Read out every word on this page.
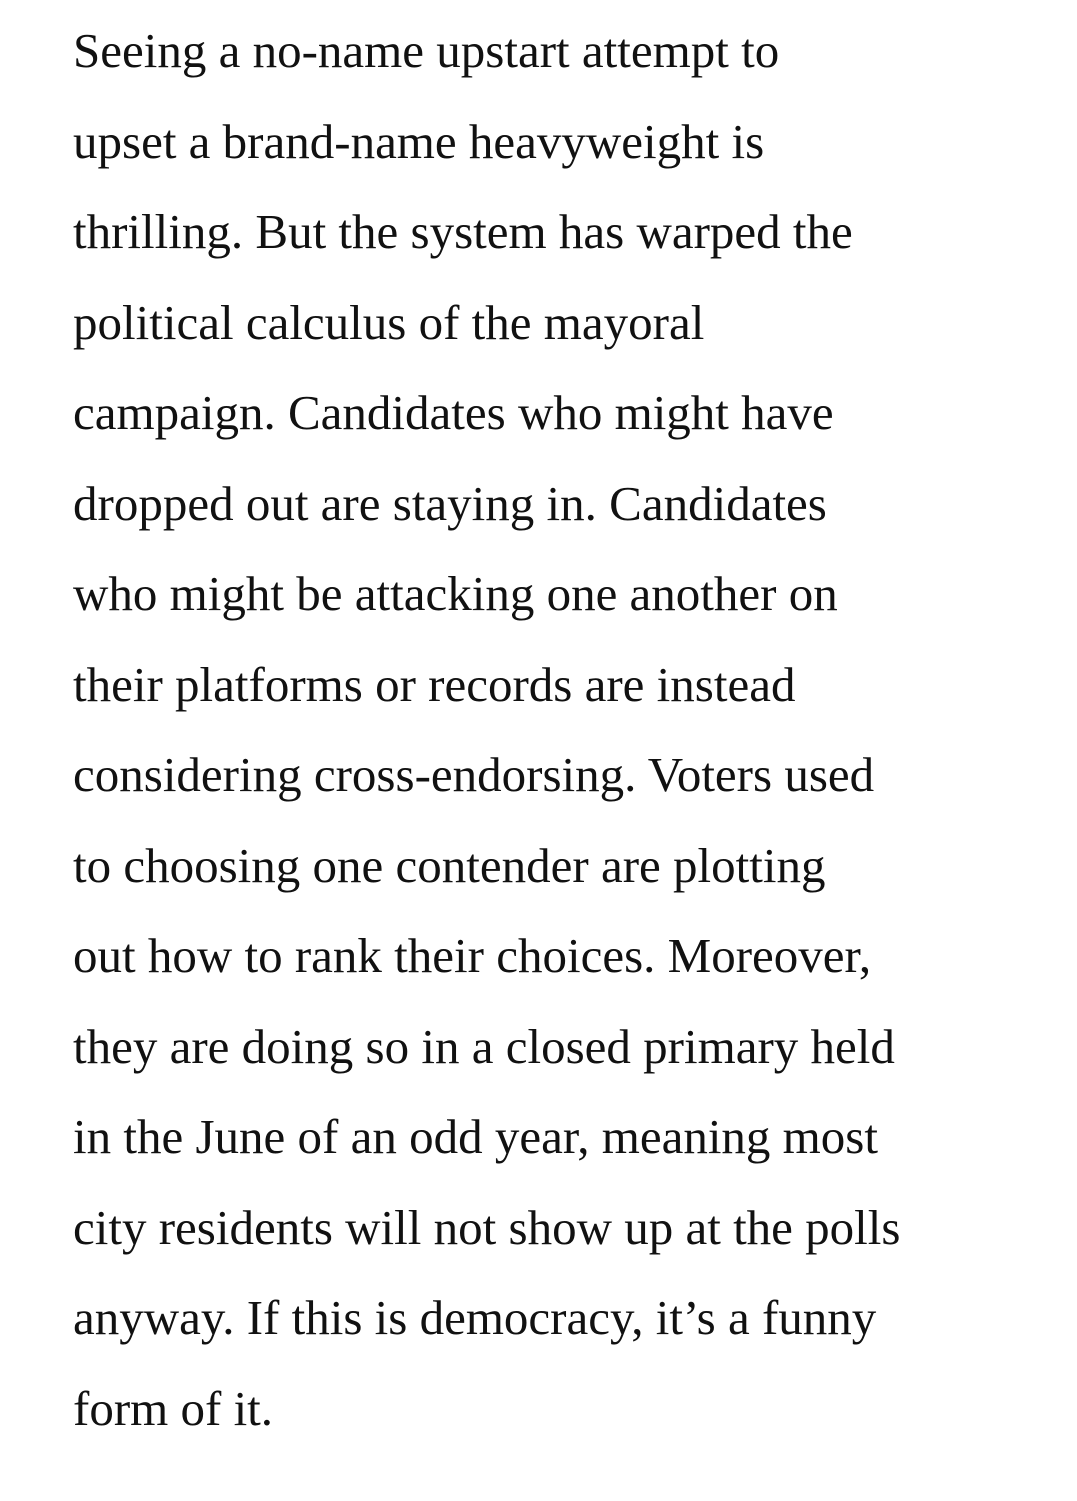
Seeing a no-name upstart attempt to
upset a brand-name heavyweight is
thrilling. But the system has warped the
political calculus of the mayoral
campaign. Candidates who might have
dropped out are staying in. Candidates
who might be attacking one another on
their platforms or records are instead
considering cross-endorsing. Voters used
to choosing one contender are plotting
out how to rank their choices. Moreover,
they are doing so in a closed primary held
in the June of an odd year, meaning most
city residents will not show up at the polls
anyway. If this is democracy, it’s a funny
form of it.
